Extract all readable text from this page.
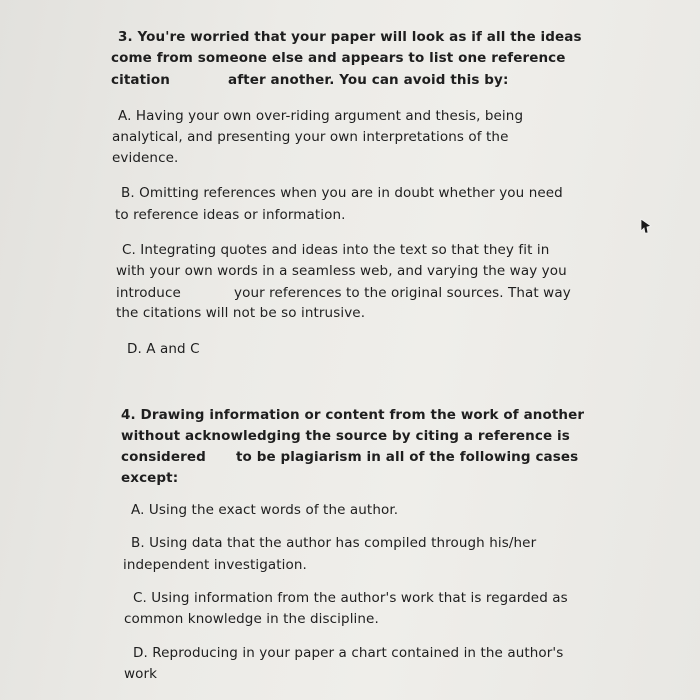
3. You're worried that your paper will look as if all the ideas
come from someone else and appears to list one reference
citation	after another. You can avoid this by:
A. Having your own over-riding argument and thesis, being
analytical, and presenting your own interpretations of the
evidence.
B. Omitting references when you are in doubt whether you need
to reference ideas or information.
C. Integrating quotes and ideas into the text so that they fit in
with your own words in a seamless web, and varying the way you
introduce	your references to the original sources. That way
the citations will not be so intrusive.
D. A and C
4. Drawing information or content from the work of another
without acknowledging the source by citing a reference is
considered to be plagiarism in all of the following cases
except:
A. Using the exact words of the author.
B. Using data that the author has compiled through his/her
independent investigation.
C. Using information from the author's work that is regarded as
common knowledge in the discipline.
D. Reproducing in your paper a chart contained in the author's
work
